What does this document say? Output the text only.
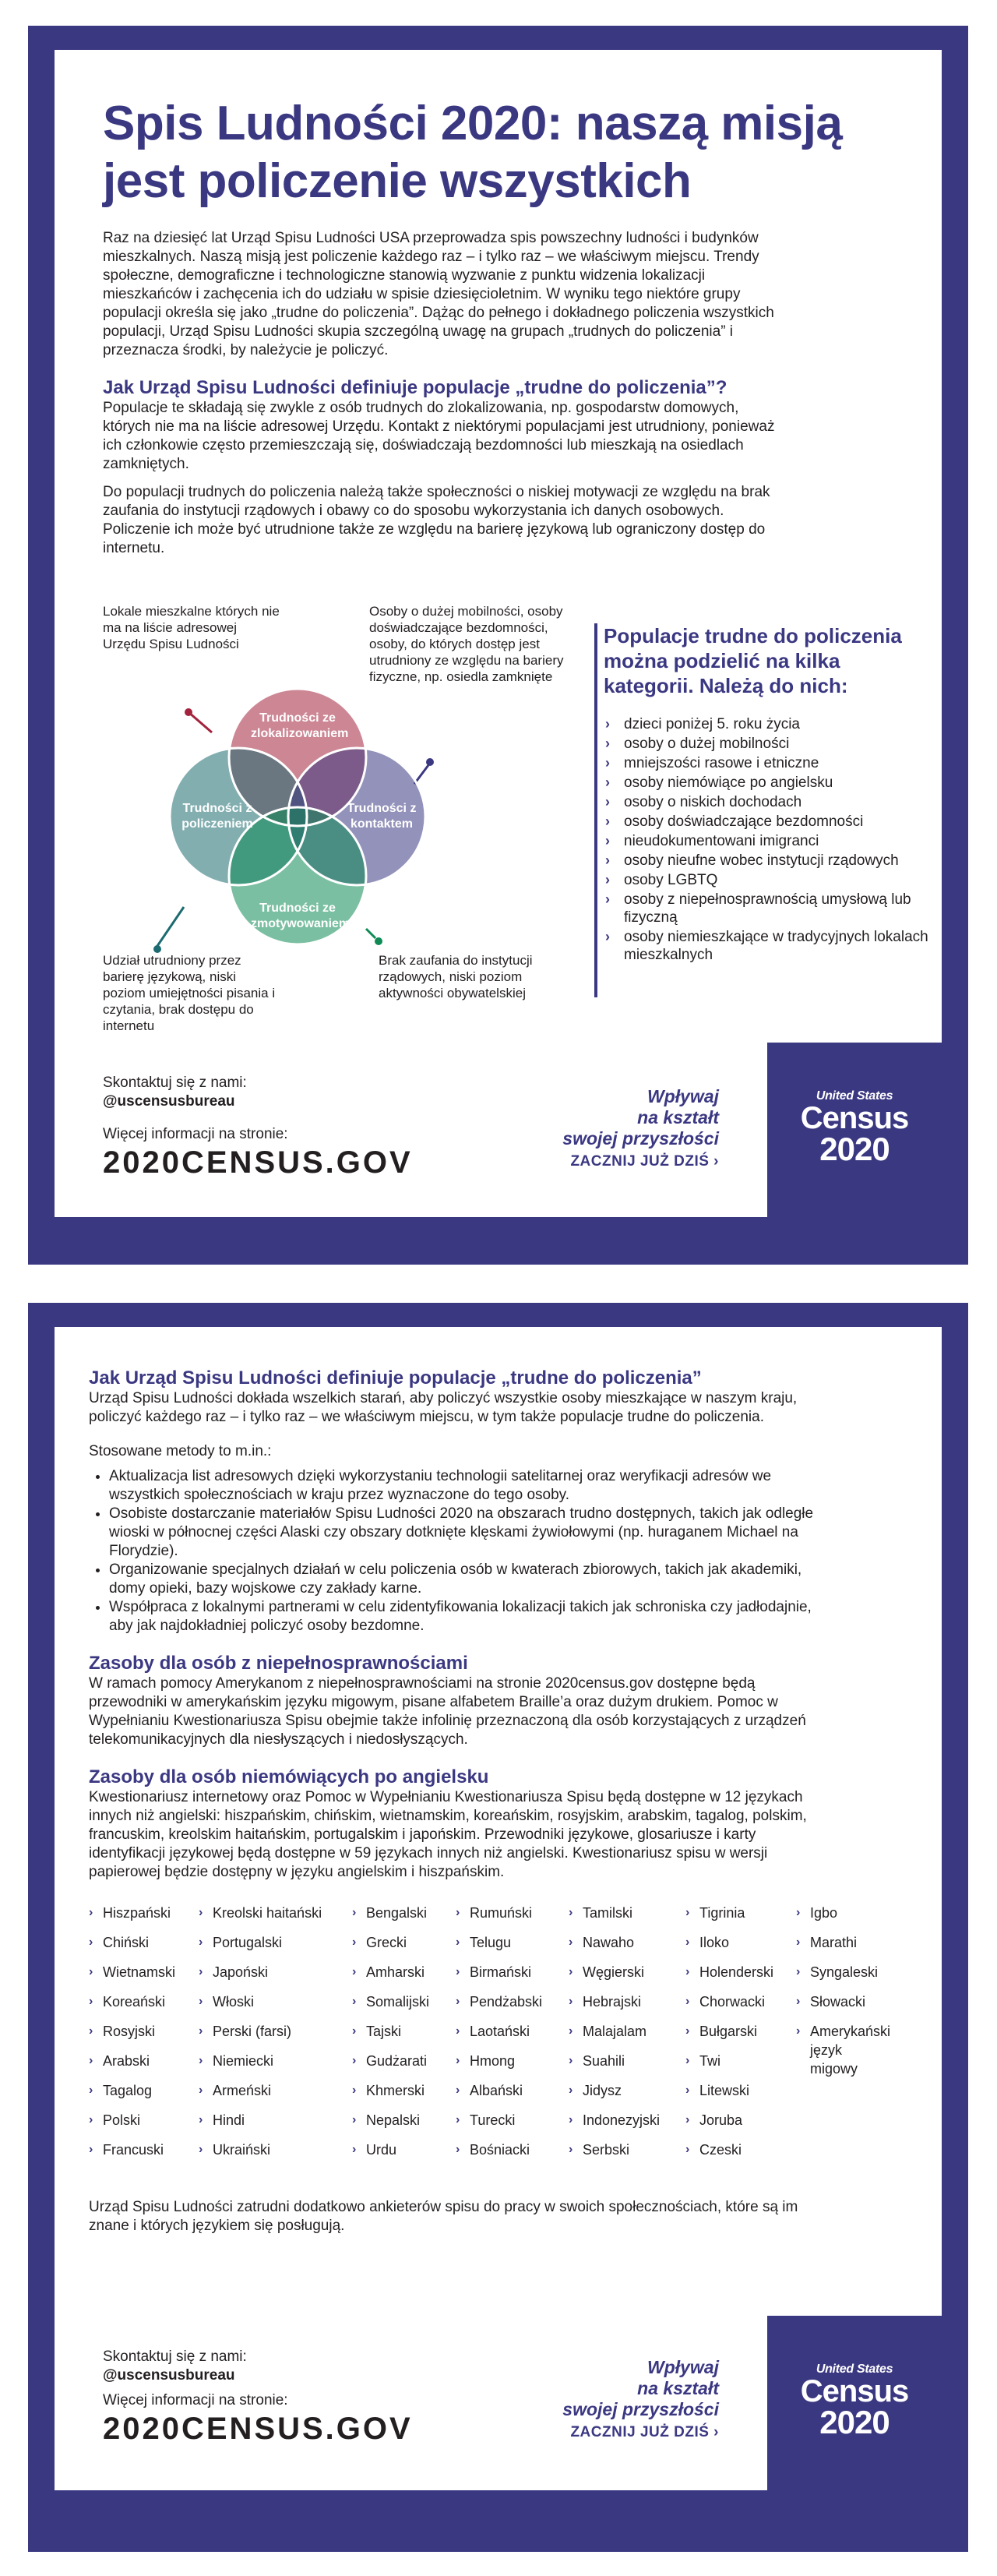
Spis Ludności 2020: naszą misją
jest policzenie wszystkich

Raz na dziesięć lat Urząd Spisu Ludności USA przeprowadza spis powszechny ludności i budynków mieszkalnych. Naszą misją jest policzenie każdego raz – i tylko raz – we właściwym miejscu. Trendy społeczne, demograficzne i technologiczne stanowią wyzwanie z punktu widzenia lokalizacji mieszkańców i zachęcenia ich do udziału w spisie dziesięcioletnim. W wyniku tego niektóre grupy populacji określa się jako „trudne do policzenia”. Dążąc do pełnego i dokładnego policzenia wszystkich populacji, Urząd Spisu Ludności skupia szczególną uwagę na grupach „trudnych do policzenia” i przeznacza środki, by należycie je policzyć.

Jak Urząd Spisu Ludności definiuje populacje „trudne do policzenia”?

Populacje te składają się zwykle z osób trudnych do zlokalizowania, np. gospodarstw domowych, których nie ma na liście adresowej Urzędu. Kontakt z niektórymi populacjami jest utrudniony, ponieważ ich członkowie często przemieszczają się, doświadczają bezdomności lub mieszkają na osiedlach zamkniętych.

Do populacji trudnych do policzenia należą także społeczności o niskiej motywacji ze względu na brak zaufania do instytucji rządowych i obawy co do sposobu wykorzystania ich danych osobowych. Policzenie ich może być utrudnione także ze względu na barierę językową lub ograniczony dostęp do internetu.

Lokale mieszkalne których nie ma na liście adresowej Urzędu Spisu Ludności
Osoby o dużej mobilności, osoby doświadczające bezdomności, osoby, do których dostęp jest utrudniony ze względu na bariery fizyczne, np. osiedla zamknięte
Udział utrudniony przez barierę językową, niski poziom umiejętności pisania i czytania, brak dostępu do internetu
Brak zaufania do instytucji rządowych, niski poziom aktywności obywatelskiej
Trudności ze zlokalizowaniem
Trudności z policzeniem
Trudności z kontaktem
Trudności ze zmotywowaniem
Populacje trudne do policzenia można podzielić na kilka kategorii. Należą do nich:
› dzieci poniżej 5. roku życia
› osoby o dużej mobilności
› mniejszości rasowe i etniczne
› osoby niemówiące po angielsku
› osoby o niskich dochodach
› osoby doświadczające bezdomności
› nieudokumentowani imigranci
› osoby nieufne wobec instytucji rządowych
› osoby LGBTQ
› osoby z niepełnosprawnością umysłową lub fizyczną
› osoby niemieszkające w tradycyjnych lokalach mieszkalnych
Skontaktuj się z nami:
@uscensusbureau
Więcej informacji na stronie:
2020CENSUS.GOV
Wpływaj
na kształt
swojej przyszłości
ZACZNIJ JUŻ DZIŚ ›
United States
Census
2020
Jak Urząd Spisu Ludności definiuje populacje „trudne do policzenia”

Urząd Spisu Ludności dokłada wszelkich starań, aby policzyć wszystkie osoby mieszkające w naszym kraju, policzyć każdego raz – i tylko raz – we właściwym miejscu, w tym także populacje trudne do policzenia.

Stosowane metody to m.in.:

• Aktualizacja list adresowych dzięki wykorzystaniu technologii satelitarnej oraz weryfikacji adresów we wszystkich społecznościach w kraju przez wyznaczone do tego osoby.
• Osobiste dostarczanie materiałów Spisu Ludności 2020 na obszarach trudno dostępnych, takich jak odległe wioski w północnej części Alaski czy obszary dotknięte klęskami żywiołowymi (np. huraganem Michael na Florydzie).
• Organizowanie specjalnych działań w celu policzenia osób w kwaterach zbiorowych, takich jak akademiki, domy opieki, bazy wojskowe czy zakłady karne.
• Współpraca z lokalnymi partnerami w celu zidentyfikowania lokalizacji takich jak schroniska czy jadłodajnie, aby jak najdokładniej policzyć osoby bezdomne.
Zasoby dla osób z niepełnosprawnościami

W ramach pomocy Amerykanom z niepełnosprawnościami na stronie 2020census.gov dostępne będą przewodniki w amerykańskim języku migowym, pisane alfabetem Braille’a oraz dużym drukiem. Pomoc w Wypełnianiu Kwestionariusza Spisu obejmie także infolinię przeznaczoną dla osób korzystających z urządzeń telekomunikacyjnych dla niesłyszących i niedosłyszących.

Zasoby dla osób niemówiących po angielsku

Kwestionariusz internetowy oraz Pomoc w Wypełnianiu Kwestionariusza Spisu będą dostępne w 12 językach innych niż angielski: hiszpańskim, chińskim, wietnamskim, koreańskim, rosyjskim, arabskim, tagalog, polskim, francuskim, kreolskim haitańskim, portugalskim i japońskim. Przewodniki językowe, glosariusze i karty identyfikacji językowej będą dostępne w 59 językach innych niż angielski. Kwestionariusz spisu w wersji papierowej będzie dostępny w języku angielskim i hiszpańskim.

› Hiszpański
› Chiński
› Wietnamski
› Koreański
› Rosyjski
› Arabski
› Tagalog
› Polski
› Francuski
› Kreolski haitański
› Portugalski
› Japoński
› Włoski
› Perski (farsi)
› Niemiecki
› Armeński
› Hindi
› Ukraiński
› Bengalski
› Grecki
› Amharski
› Somalijski
› Tajski
› Gudżarati
› Khmerski
› Nepalski
› Urdu
› Rumuński
› Telugu
› Birmański
› Pendżabski
› Laotański
› Hmong
› Albański
› Turecki
› Bośniacki
› Tamilski
› Nawaho
› Węgierski
› Hebrajski
› Malajalam
› Suahili
› Jidysz
› Indonezyjski
› Serbski
› Tigrinia
› Iloko
› Holenderski
› Chorwacki
› Bułgarski
› Twi
› Litewski
› Joruba
› Czeski
› Igbo
› Marathi
› Syngaleski
› Słowacki
› Amerykański język migowy

Urząd Spisu Ludności zatrudni dodatkowo ankieterów spisu do pracy w swoich społecznościach, które są im znane i których językiem się posługują.

Skontaktuj się z nami:
@uscensusbureau
Więcej informacji na stronie:
2020CENSUS.GOV
Wpływaj
na kształt
swojej przyszłości
ZACZNIJ JUŻ DZIŚ ›
United States
Census
2020
